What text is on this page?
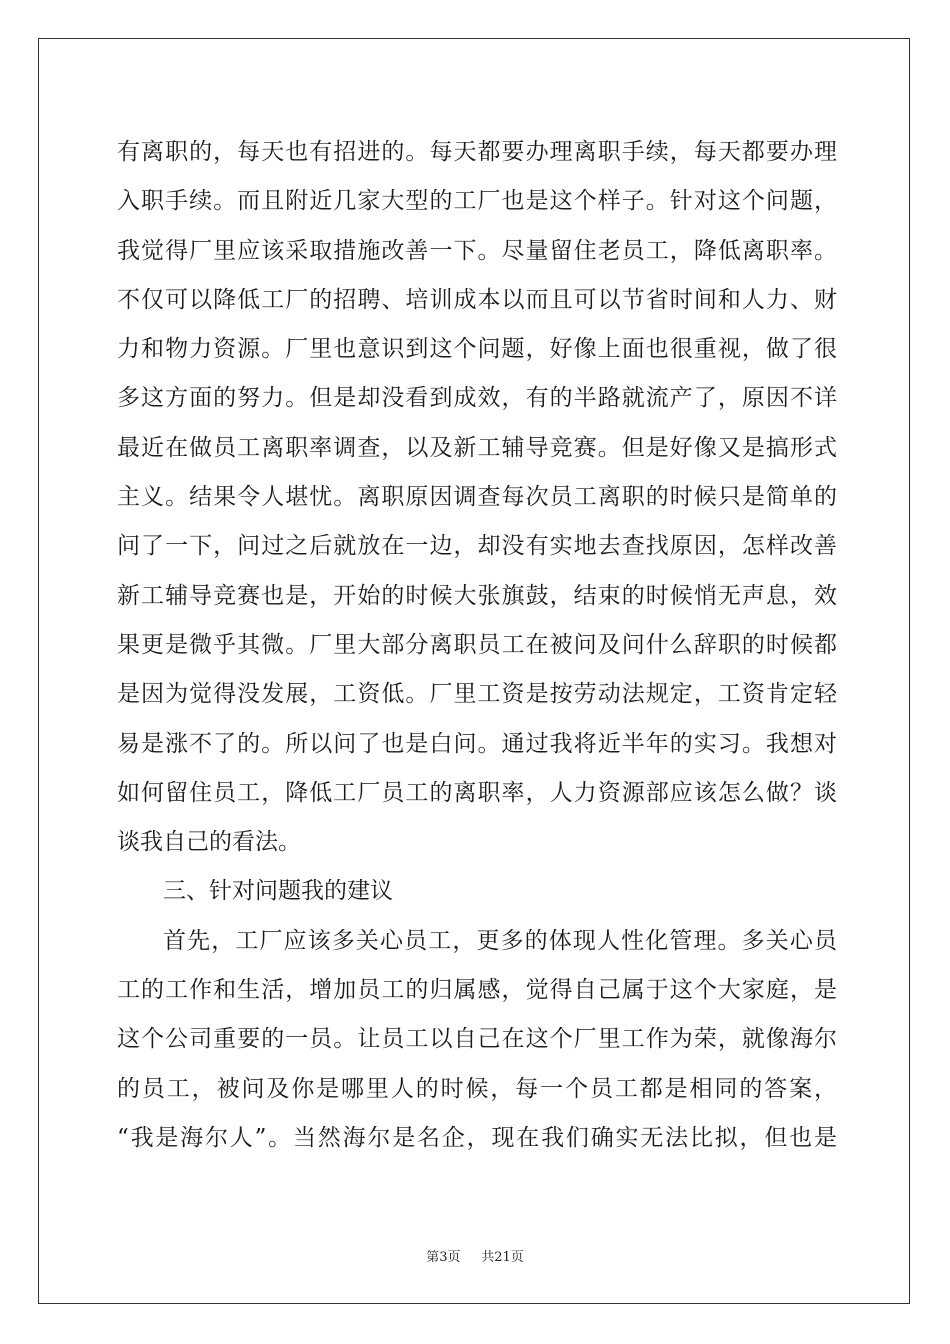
有离职的，每天也有招进的。每天都要办理离职手续，每天都要办理
入职手续。而且附近几家大型的工厂也是这个样子。针对这个问题，
我觉得厂里应该采取措施改善一下。尽量留住老员工，降低离职率。
不仅可以降低工厂的招聘、培训成本以而且可以节省时间和人力、财
力和物力资源。厂里也意识到这个问题，好像上面也很重视，做了很
多这方面的努力。但是却没看到成效，有的半路就流产了，原因不详
最近在做员工离职率调查，以及新工辅导竞赛。但是好像又是搞形式
主义。结果令人堪忧。离职原因调查每次员工离职的时候只是简单的
问了一下，问过之后就放在一边，却没有实地去查找原因，怎样改善
新工辅导竞赛也是，开始的时候大张旗鼓，结束的时候悄无声息，效
果更是微乎其微。厂里大部分离职员工在被问及问什么辞职的时候都
是因为觉得没发展，工资低。厂里工资是按劳动法规定，工资肯定轻
易是涨不了的。所以问了也是白问。通过我将近半年的实习。我想对
如何留住员工，降低工厂员工的离职率，人力资源部应该怎么做？谈
谈我自己的看法。
三、针对问题我的建议
首先，工厂应该多关心员工，更多的体现人性化管理。多关心员
工的工作和生活，增加员工的归属感，觉得自己属于这个大家庭，是
这个公司重要的一员。让员工以自己在这个厂里工作为荣，就像海尔
的员工，被问及你是哪里人的时候，每一个员工都是相同的答案，
“我是海尔人”。当然海尔是名企，现在我们确实无法比拟，但也是
第3页 共21页
